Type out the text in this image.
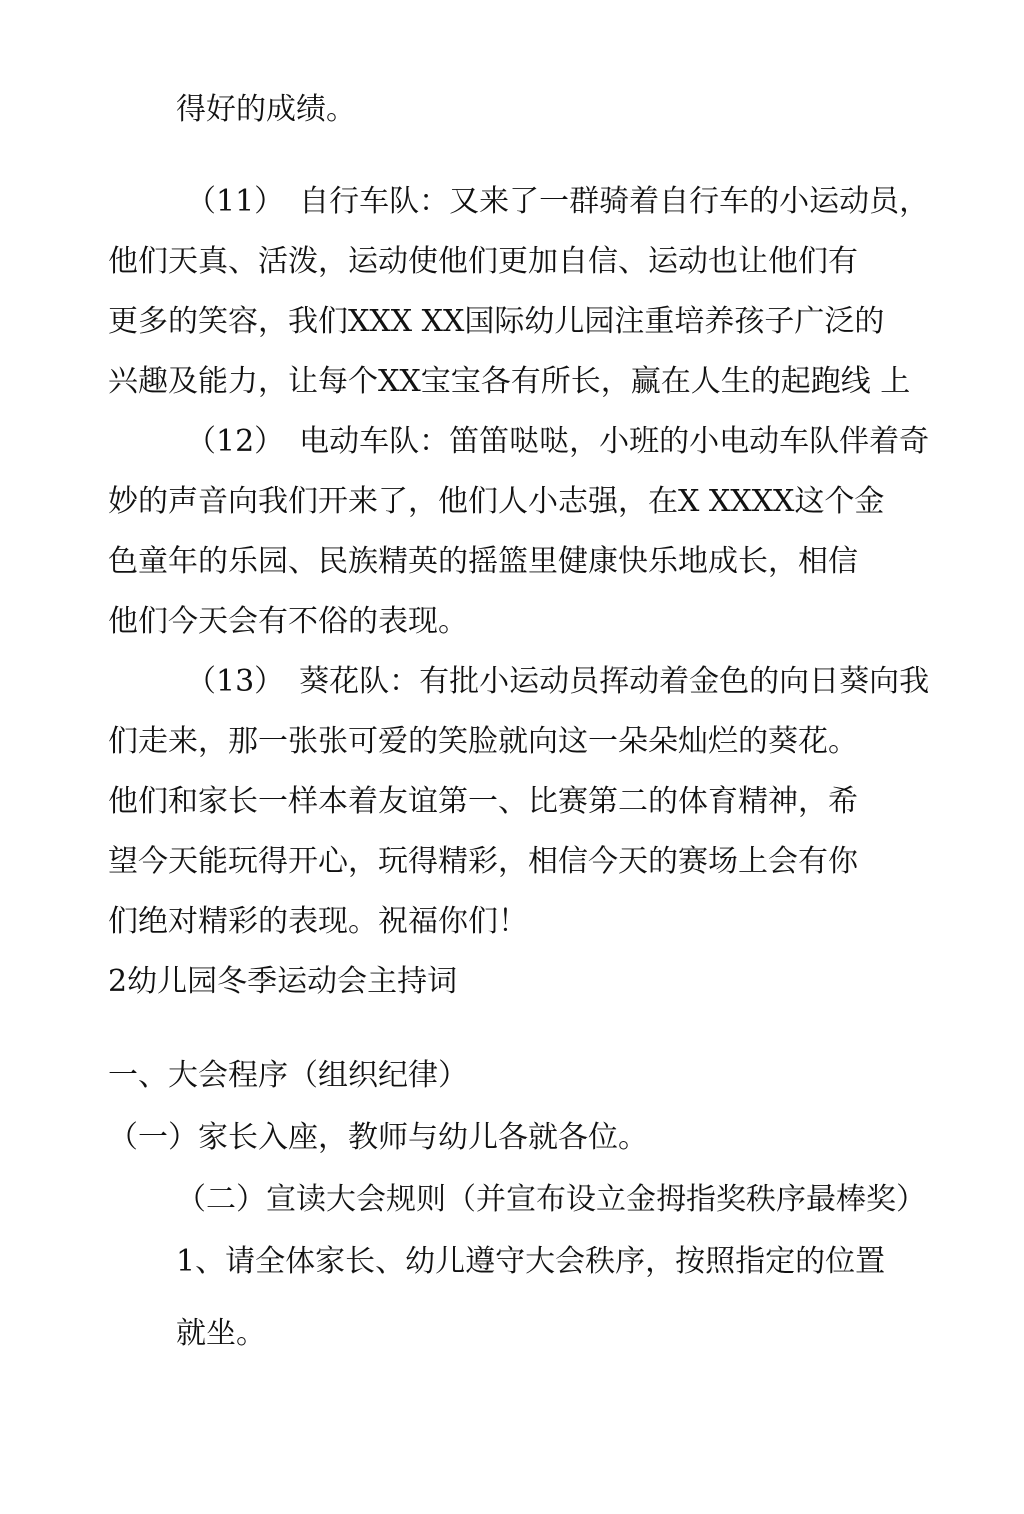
得好的成绩。
（11）　自行车队：又来了一群骑着自行车的小运动员，
他们天真、活泼，运动使他们更加自信、运动也让他们有
更多的笑容，我们XXX XX国际幼儿园注重培养孩子广泛的
兴趣及能力，让每个XX宝宝各有所长，赢在人生的起跑线 上
（12）　电动车队：笛笛哒哒，小班的小电动车队伴着奇
妙的声音向我们开来了，他们人小志强，在X XXXX这个金
色童年的乐园、民族精英的摇篮里健康快乐地成长，相信
他们今天会有不俗的表现。
（13）　葵花队：有批小运动员挥动着金色的向日葵向我
们走来，那一张张可爱的笑脸就向这一朵朵灿烂的葵花。
他们和家长一样本着友谊第一、比赛第二的体育精神，希
望今天能玩得开心，玩得精彩，相信今天的赛场上会有你
们绝对精彩的表现。祝福你们！
2幼儿园冬季运动会主持词
一、大会程序（组织纪律）
（一）家长入座，教师与幼儿各就各位。
（二）宣读大会规则（并宣布设立金拇指奖秩序最棒奖）
1、请全体家长、幼儿遵守大会秩序，按照指定的位置
就坐。
